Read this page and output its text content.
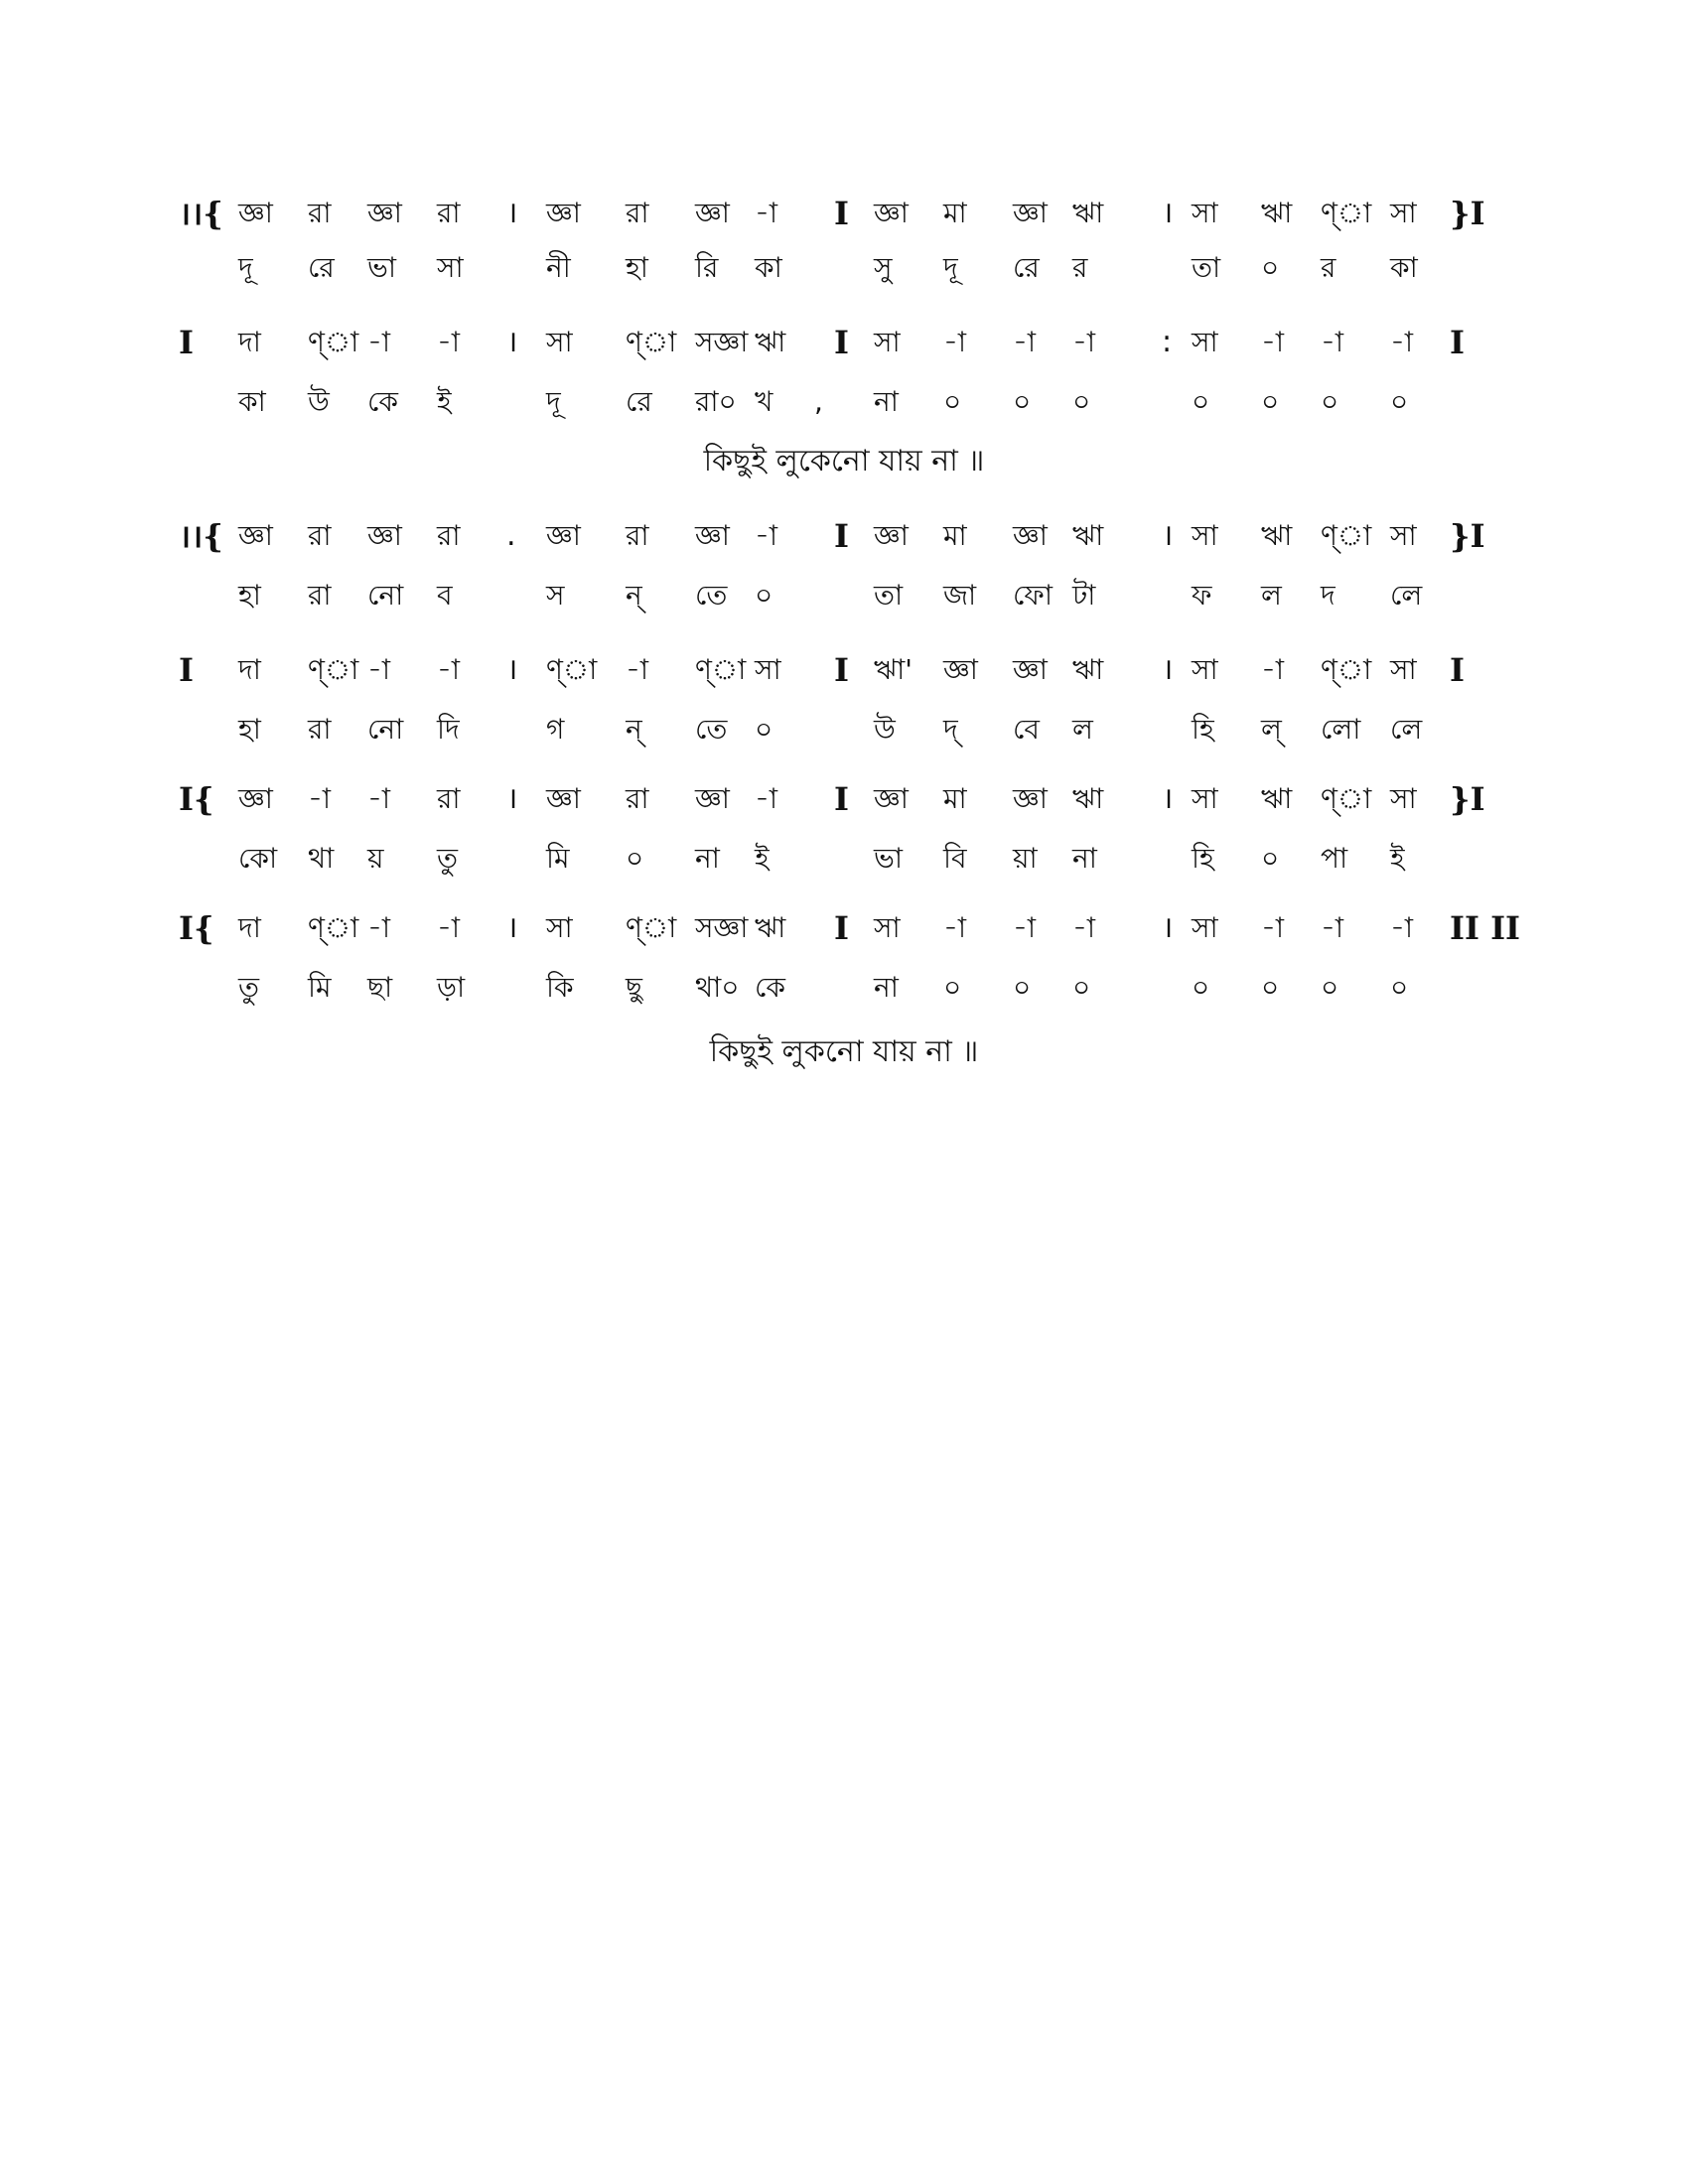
।।{ জ্ঞা রা জ্ঞা রা । জ্ঞা রা জ্ঞা -া I জ্ঞা মা জ্ঞা ঋা । সা ঋা ণ্া সা }I
দূ রে ভা সা	নী হা রি কা	সু দূ রে র	তা ০ র কা
I দা ণ্া -া -া । সা ণ্া সজ্ঞা ঋা I সা -া -া -া : সা -া -া -া I
কা উ কে ই	দূ রে রা০ খ , না ০ ০ ০	০ ০ ০ ০
কিছুই লুকেনো যায় না ॥
।।{ জ্ঞা রা জ্ঞা রা . জ্ঞা রা জ্ঞা -া I জ্ঞা মা জ্ঞা ঋা । সা ঋা ণ্া সা }I
হা রা নো ব	স ন্ তে ০	তা জা ফো টা	ফ ল দ লে
I দা ণ্া -া -া । ণ্া -া ণ্া সা I ঋা' জ্ঞা জ্ঞা ঋা । সা -া ণ্া সা I
হা রা নো দি	গ ন্ তে ০	উ দ্ বে ল	হি ল্ লো লে
I{ জ্ঞা -া -া রা । জ্ঞা রা জ্ঞা -া I জ্ঞা মা জ্ঞা ঋা । সা ঋা ণ্া সা }I
কো থা য় তু	মি ০ না ই	ভা বি য়া না	হি ০ পা ই
I{ দা ণ্া -া -া । সা ণ্া সজ্ঞা ঋা I সা -া -া -া । সা -া -া -া II II
তু মি ছা ড়া	কি ছু থা০ কে	না ০ ০ ০	০ ০ ০ ০
কিছুই লুকনো যায় না ॥
